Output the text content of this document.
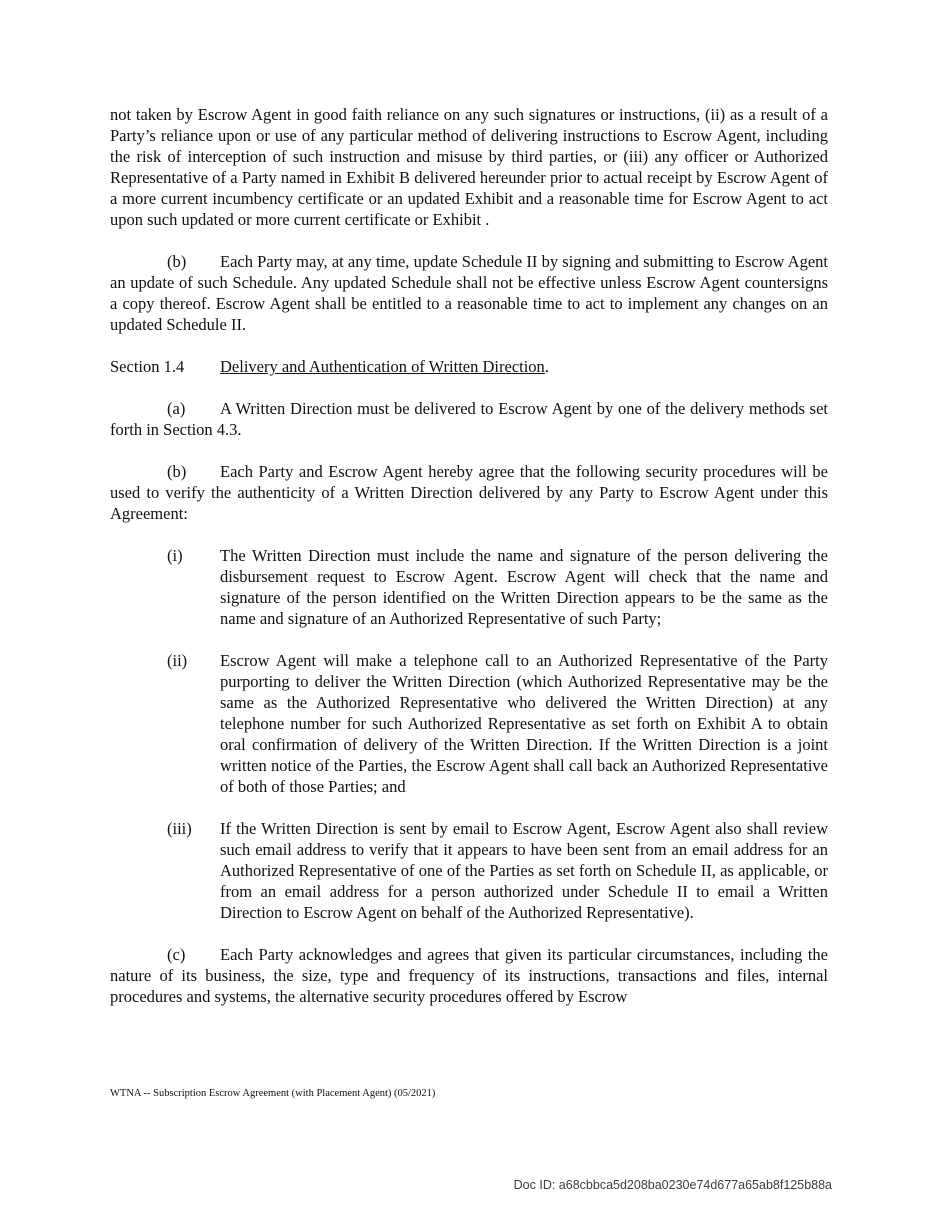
not taken by Escrow Agent in good faith reliance on any such signatures or instructions, (ii) as a result of a Party’s reliance upon or use of any particular method of delivering instructions to Escrow Agent, including the risk of interception of such instruction and misuse by third parties, or (iii) any officer or Authorized Representative of a Party named in Exhibit B delivered hereunder prior to actual receipt by Escrow Agent of a more current incumbency certificate or an updated Exhibit and a reasonable time for Escrow Agent to act upon such updated or more current certificate or Exhibit .

(b) Each Party may, at any time, update Schedule II by signing and submitting to Escrow Agent an update of such Schedule. Any updated Schedule shall not be effective unless Escrow Agent countersigns a copy thereof. Escrow Agent shall be entitled to a reasonable time to act to implement any changes on an updated Schedule II.

Section 1.4 Delivery and Authentication of Written Direction.

(a) A Written Direction must be delivered to Escrow Agent by one of the delivery methods set forth in Section 4.3.

(b) Each Party and Escrow Agent hereby agree that the following security procedures will be used to verify the authenticity of a Written Direction delivered by any Party to Escrow Agent under this Agreement:

(i)	The Written Direction must include the name and signature of the person delivering the disbursement request to Escrow Agent. Escrow Agent will check that the name and signature of the person identified on the Written Direction appears to be the same as the name and signature of an Authorized Representative of such Party;
(ii)	Escrow Agent will make a telephone call to an Authorized Representative of the Party purporting to deliver the Written Direction (which Authorized Representative may be the same as the Authorized Representative who delivered the Written Direction) at any telephone number for such Authorized Representative as set forth on Exhibit A to obtain oral confirmation of delivery of the Written Direction. If the Written Direction is a joint written notice of the Parties, the Escrow Agent shall call back an Authorized Representative of both of those Parties; and
(iii)	If the Written Direction is sent by email to Escrow Agent, Escrow Agent also shall review such email address to verify that it appears to have been sent from an email address for an Authorized Representative of one of the Parties as set forth on Schedule II, as applicable, or from an email address for a person authorized under Schedule II to email a Written Direction to Escrow Agent on behalf of the Authorized Representative).

(c) Each Party acknowledges and agrees that given its particular circumstances, including the nature of its business, the size, type and frequency of its instructions, transactions and files, internal procedures and systems, the alternative security procedures offered by Escrow

WTNA -- Subscription Escrow Agreement (with Placement Agent) (05/2021)
Doc ID: a68cbbca5d208ba0230e74d677a65ab8f125b88a
